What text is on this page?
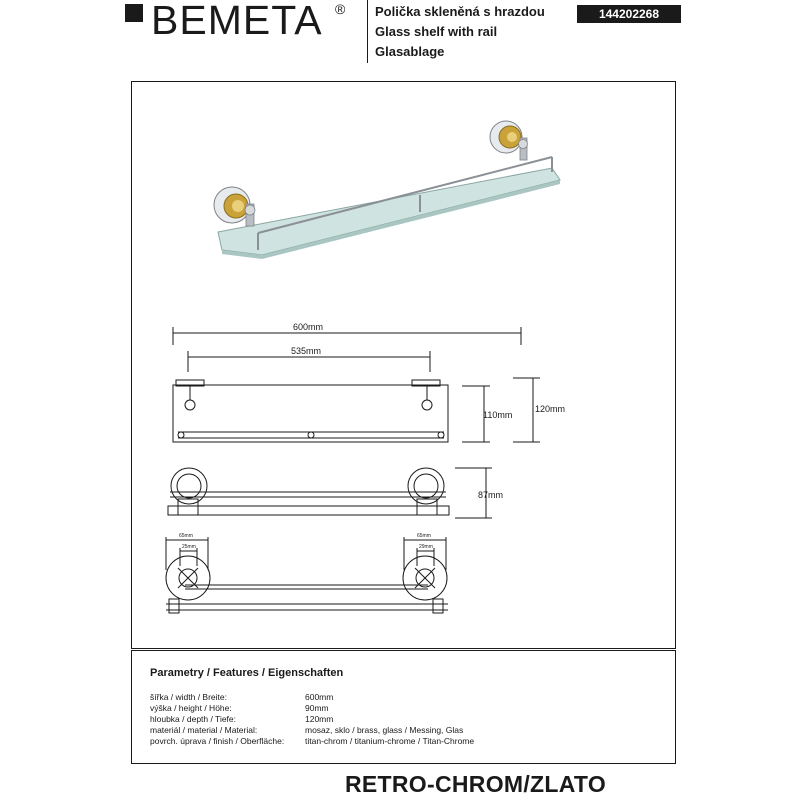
BEMETA ® Polička skleněná s hrazdou
Glass shelf with rail
Glasablage
144202268
600mm
535mm
110mm
120mm
87mm
65mm
25mm
65mm
29mm
Parametry / Features / Eigenschaften
šířka / width / Breite:	600mm
výška / height / Höhe:	90mm
hloubka / depth / Tiefe:	120mm
materiál / material / Material:	mosaz, sklo / brass, glass / Messing, Glas
povrch. úprava / finish / Oberfläche: titan-chrom / titanium-chrome / Titan-Chrome
RETRO-CHROM/ZLATO
